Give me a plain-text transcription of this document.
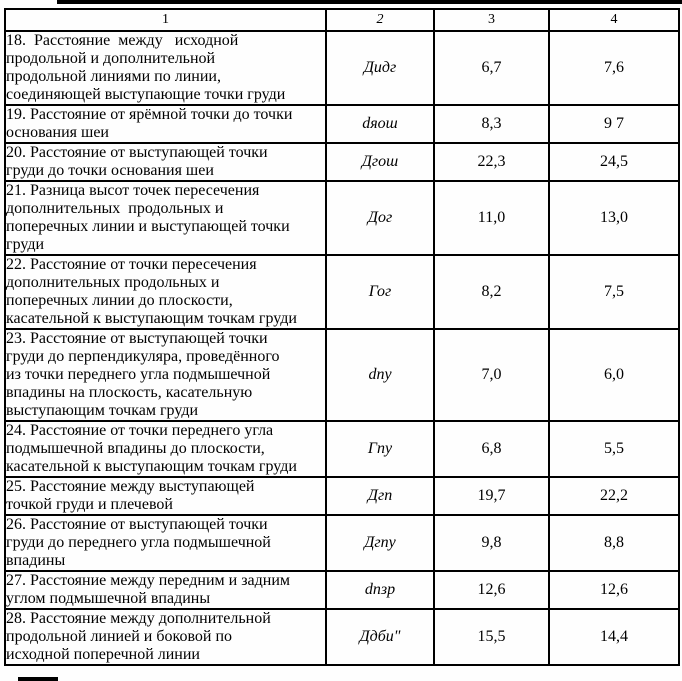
1	2	3	4

18.  Расстояние  между   исходной
продольной и дополнительной
продольной линиями по линии,
соединяющей выступающие точки груди	Дидг	6,7	7,6

19. Расстояние от ярёмной точки до точки
основания шеи	dяош	8,3	9 7

20. Расстояние от выступающей точки
груди до точки основания шеи	Дгош	22,3	24,5

21. Разница высот точек пересечения
дополнительных  продольных и
поперечных линии и выступающей точки
груди	Дог	11,0	13,0

22. Расстояние от точки пересечения
дополнительных продольных и
поперечных линии до плоскости,
касательной к выступающим точкам груди	Гог	8,2	7,5

23. Расстояние от выступающей точки
груди до перпендикуляра, проведённого
из точки переднего угла подмышечной
впадины на плоскость, касательную
выступающим точкам груди	dпу	7,0	6,0

24. Расстояние от точки переднего угла
подмышечной впадины до плоскости,
касательной к выступающим точкам груди	Гпу	6,8	5,5

25. Расстояние между выступающей
точкой груди и плечевой	Дгп	19,7	22,2

26. Расстояние от выступающей точки
груди до переднего угла подмышечной
впадины	Дгпу	9,8	8,8

27. Расстояние между передним и задним
углом подмышечной впадины	dпзр	12,6	12,6

28. Расстояние между дополнительной
продольной линией и боковой по
исходной поперечной линии	Ддби"	15,5	14,4
